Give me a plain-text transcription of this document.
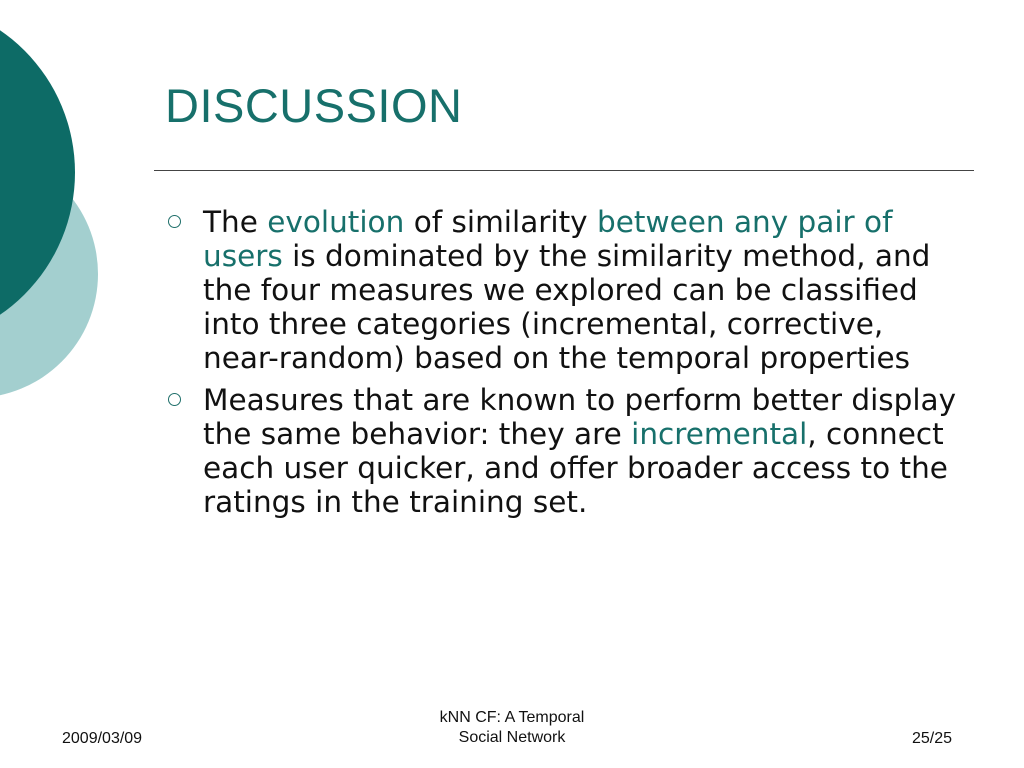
DISCUSSION
The evolution of similarity between any pair of users is dominated by the similarity method, and the four measures we explored can be classified into three categories (incremental, corrective, near-random) based on the temporal properties
Measures that are known to perform better display the same behavior: they are incremental, connect each user quicker, and offer broader access to the ratings in the training set.
2009/03/09
kNN CF: A Temporal
Social Network	25/25
